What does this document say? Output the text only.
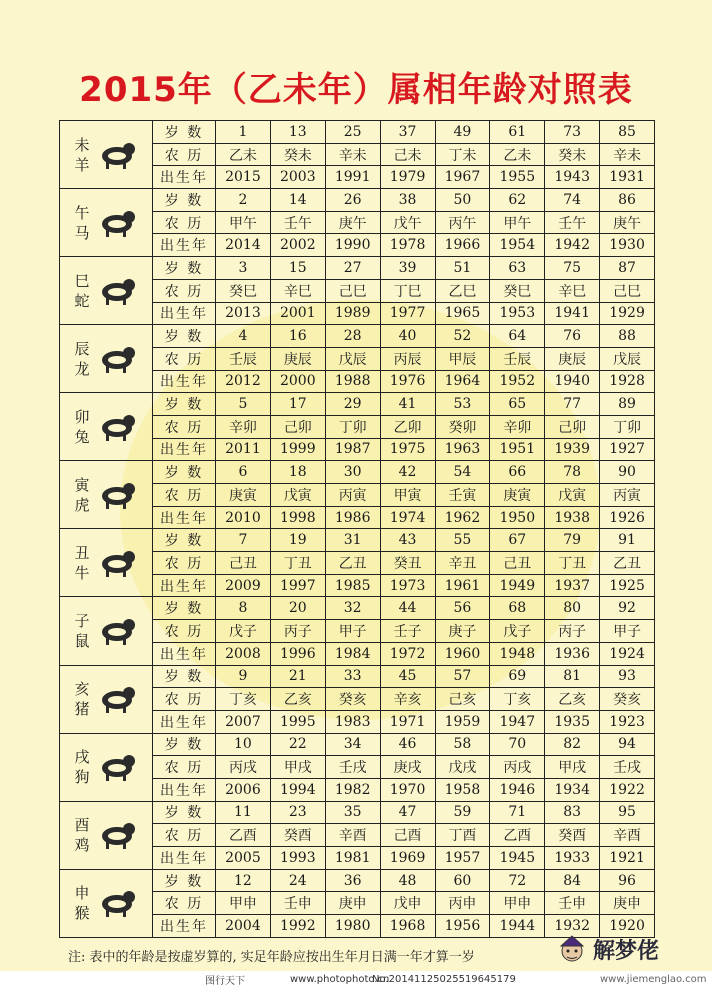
2015年（乙未年）属相年龄对照表
未
羊	岁 数	1	13	25	37	49	61	73	85
	农 历	乙未	癸未	辛未	己未	丁未	乙未	癸未	辛未
	出生年	2015	2003	1991	1979	1967	1955	1943	1931

午
马	岁 数	2	14	26	38	50	62	74	86
	农 历	甲午	壬午	庚午	戊午	丙午	甲午	壬午	庚午
	出生年	2014	2002	1990	1978	1966	1954	1942	1930

巳
蛇	岁 数	3	15	27	39	51	63	75	87
	农 历	癸巳	辛巳	己巳	丁巳	乙巳	癸巳	辛巳	己巳
	出生年	2013	2001	1989	1977	1965	1953	1941	1929

辰
龙	岁 数	4	16	28	40	52	64	76	88
	农 历	壬辰	庚辰	戊辰	丙辰	甲辰	壬辰	庚辰	戊辰
	出生年	2012	2000	1988	1976	1964	1952	1940	1928

卯
兔	岁 数	5	17	29	41	53	65	77	89
	农 历	辛卯	己卯	丁卯	乙卯	癸卯	辛卯	己卯	丁卯
	出生年	2011	1999	1987	1975	1963	1951	1939	1927

寅
虎	岁 数	6	18	30	42	54	66	78	90
	农 历	庚寅	戊寅	丙寅	甲寅	壬寅	庚寅	戊寅	丙寅
	出生年	2010	1998	1986	1974	1962	1950	1938	1926

丑
牛	岁 数	7	19	31	43	55	67	79	91
	农 历	己丑	丁丑	乙丑	癸丑	辛丑	己丑	丁丑	乙丑
	出生年	2009	1997	1985	1973	1961	1949	1937	1925

子
鼠	岁 数	8	20	32	44	56	68	80	92
	农 历	戊子	丙子	甲子	壬子	庚子	戊子	丙子	甲子
	出生年	2008	1996	1984	1972	1960	1948	1936	1924

亥
猪	岁 数	9	21	33	45	57	69	81	93
	农 历	丁亥	乙亥	癸亥	辛亥	己亥	丁亥	乙亥	癸亥
	出生年	2007	1995	1983	1971	1959	1947	1935	1923

戌
狗	岁 数	10	22	34	46	58	70	82	94
	农 历	丙戌	甲戌	壬戌	庚戌	戊戌	丙戌	甲戌	壬戌
	出生年	2006	1994	1982	1970	1958	1946	1934	1922

酉
鸡	岁 数	11	23	35	47	59	71	83	95
	农 历	乙酉	癸酉	辛酉	己酉	丁酉	乙酉	癸酉	辛酉
	出生年	2005	1993	1981	1969	1957	1945	1933	1921

申
猴	岁 数	12	24	36	48	60	72	84	96
	农 历	甲申	壬申	庚申	戊申	丙申	甲申	壬申	庚申
	出生年	2004	1992	1980	1968	1956	1944	1932	1920
注: 表中的年龄是按虚岁算的, 实足年龄应按出生年月日满一年才算一岁	解梦佬
图行天下	www.photophoto.cn
No.20141125025519645179	www.jiemenglao.com
